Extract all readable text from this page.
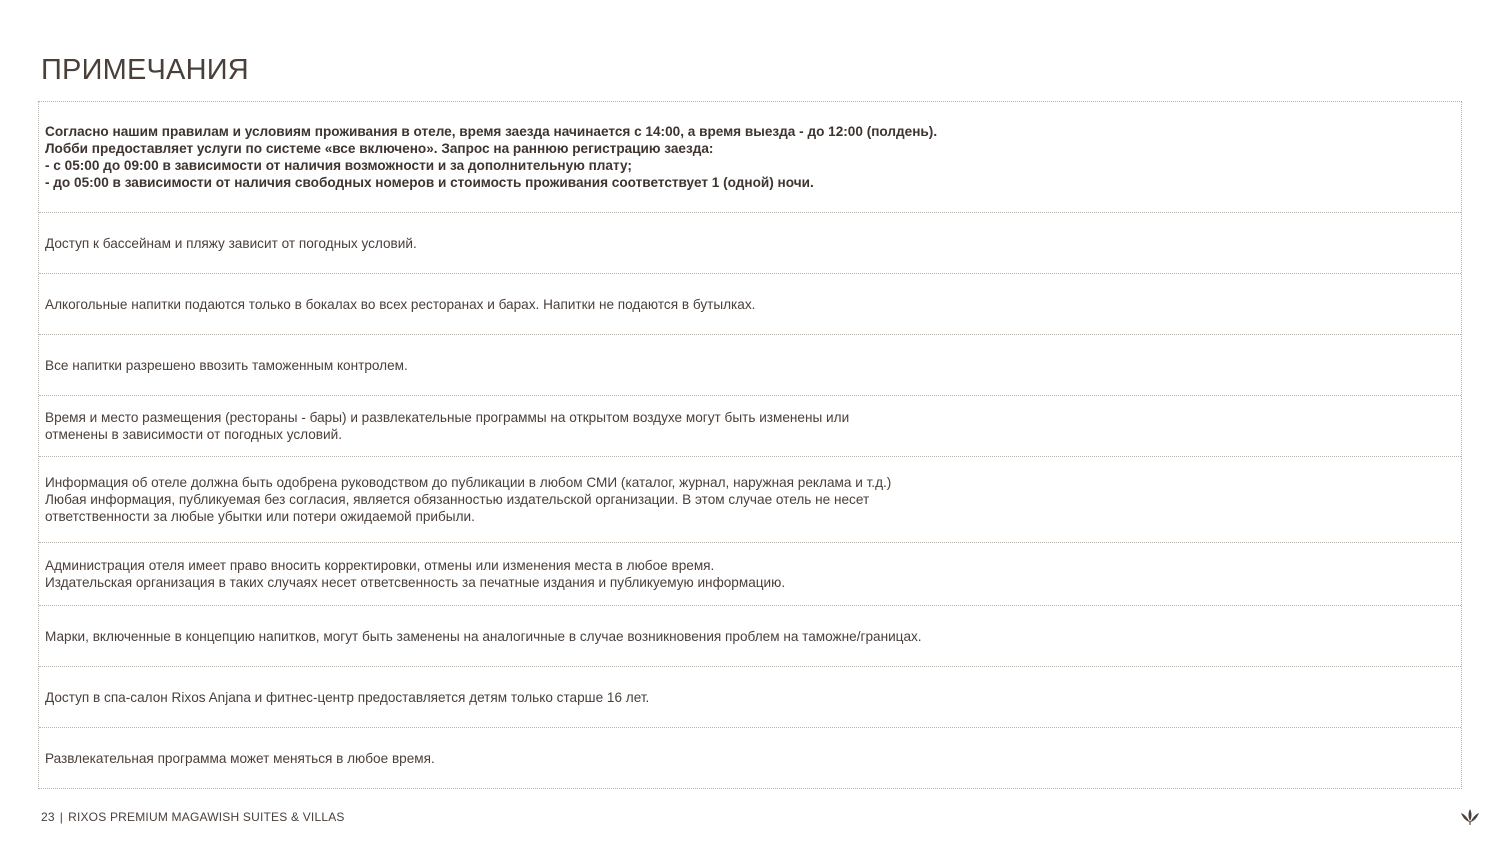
ПРИМЕЧАНИЯ
Согласно нашим правилам и условиям проживания в отеле, время заезда начинается с 14:00, а время выезда - до 12:00 (полдень).
Лобби предоставляет услуги по системе «все включено». Запрос на раннюю регистрацию заезда:
- с 05:00 до 09:00 в зависимости от наличия возможности и за дополнительную плату;
- до 05:00 в зависимости от наличия свободных номеров и стоимость проживания соответствует 1 (одной) ночи.
Доступ к бассейнам и пляжу зависит от погодных условий.
Алкогольные напитки подаются только в бокалах во всех ресторанах и барах. Напитки не подаются в бутылках.
Все напитки разрешено ввозить таможенным контролем.
Время и место размещения (рестораны - бары) и развлекательные программы на открытом воздухе могут быть изменены или
отменены в зависимости от погодных условий.
Информация об отеле должна быть одобрена руководством до публикации в любом СМИ (каталог, журнал, наружная реклама и т.д.)
Любая информация, публикуемая без согласия, является обязанностью издательской организации. В этом случае отель не несет
ответственности за любые убытки или потери ожидаемой прибыли.
Администрация отеля имеет право вносить корректировки, отмены или изменения места в любое время.
Издательская организация в таких случаях несет ответсвенность за печатные издания и публикуемую информацию.
Марки, включенные в концепцию напитков, могут быть заменены на аналогичные в случае возникновения проблем на таможне/границах.
Доступ в спа-салон Rixos Anjana и фитнес-центр предоставляется детям только старше 16 лет.
Развлекательная программа может меняться в любое время.
23 | RIXOS PREMIUM MAGAWISH SUITES & VILLAS
